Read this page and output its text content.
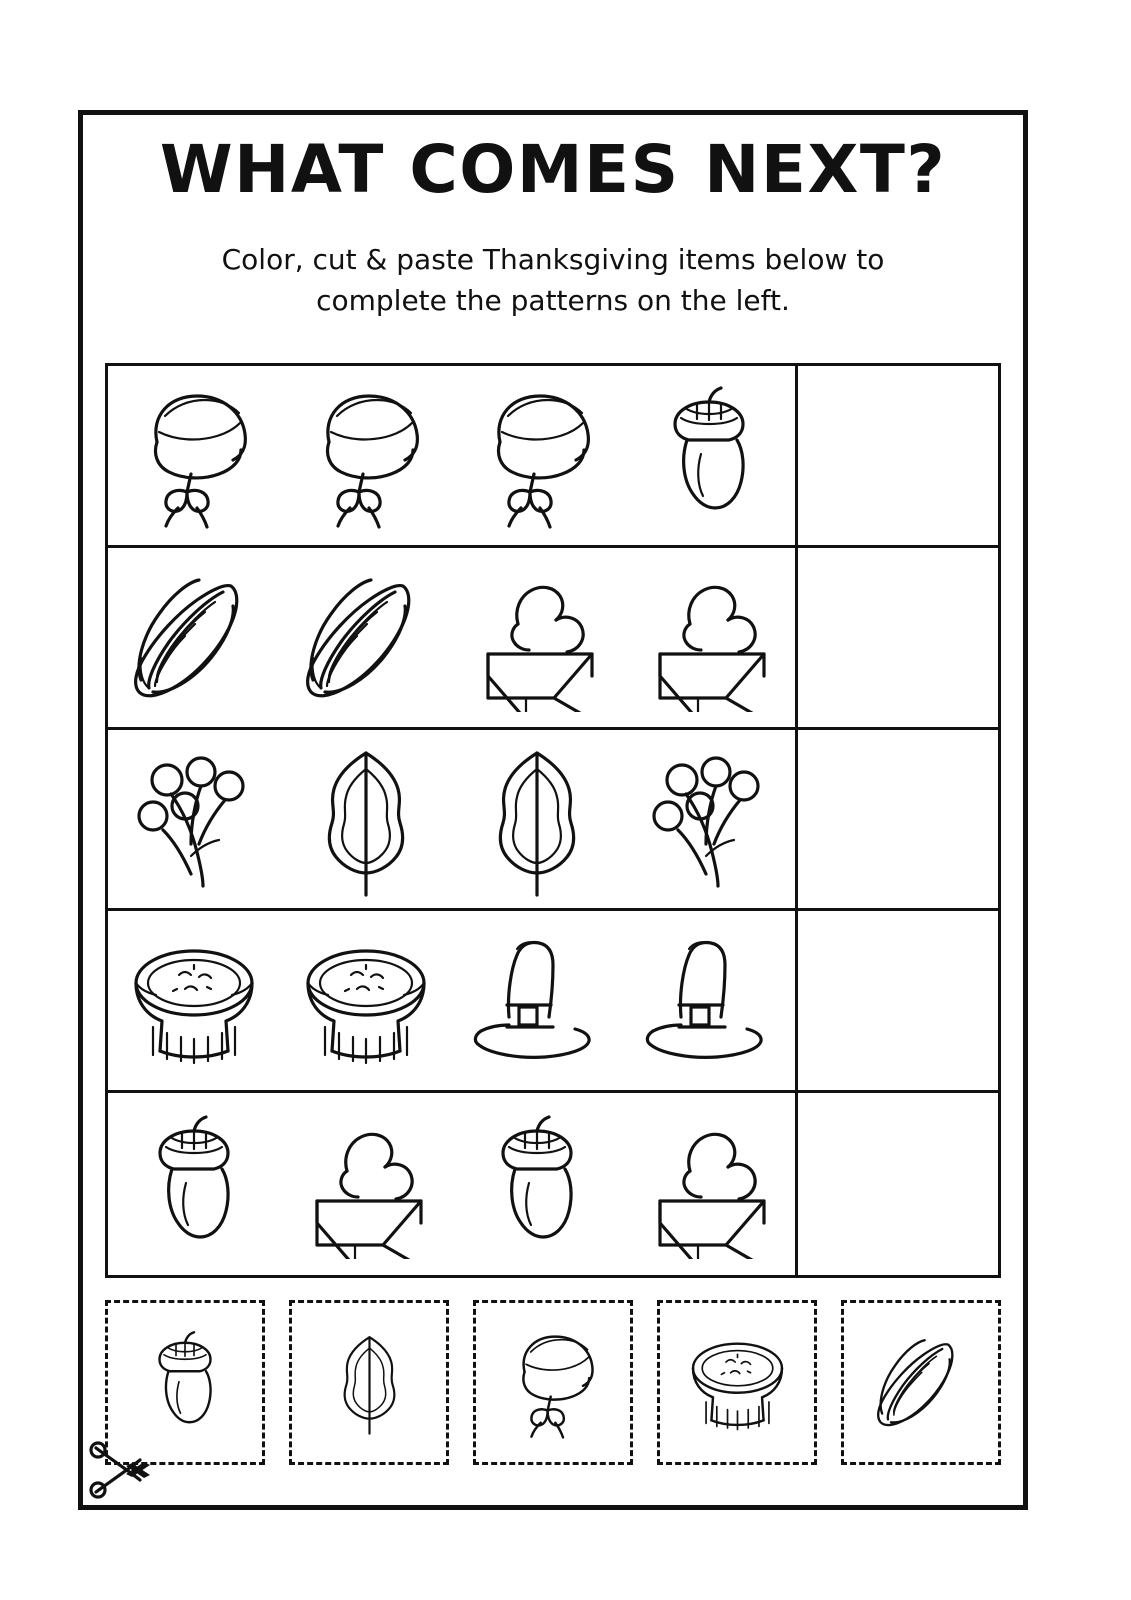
WHAT COMES NEXT?
Color, cut & paste Thanksgiving items below to
complete the patterns on the left.
